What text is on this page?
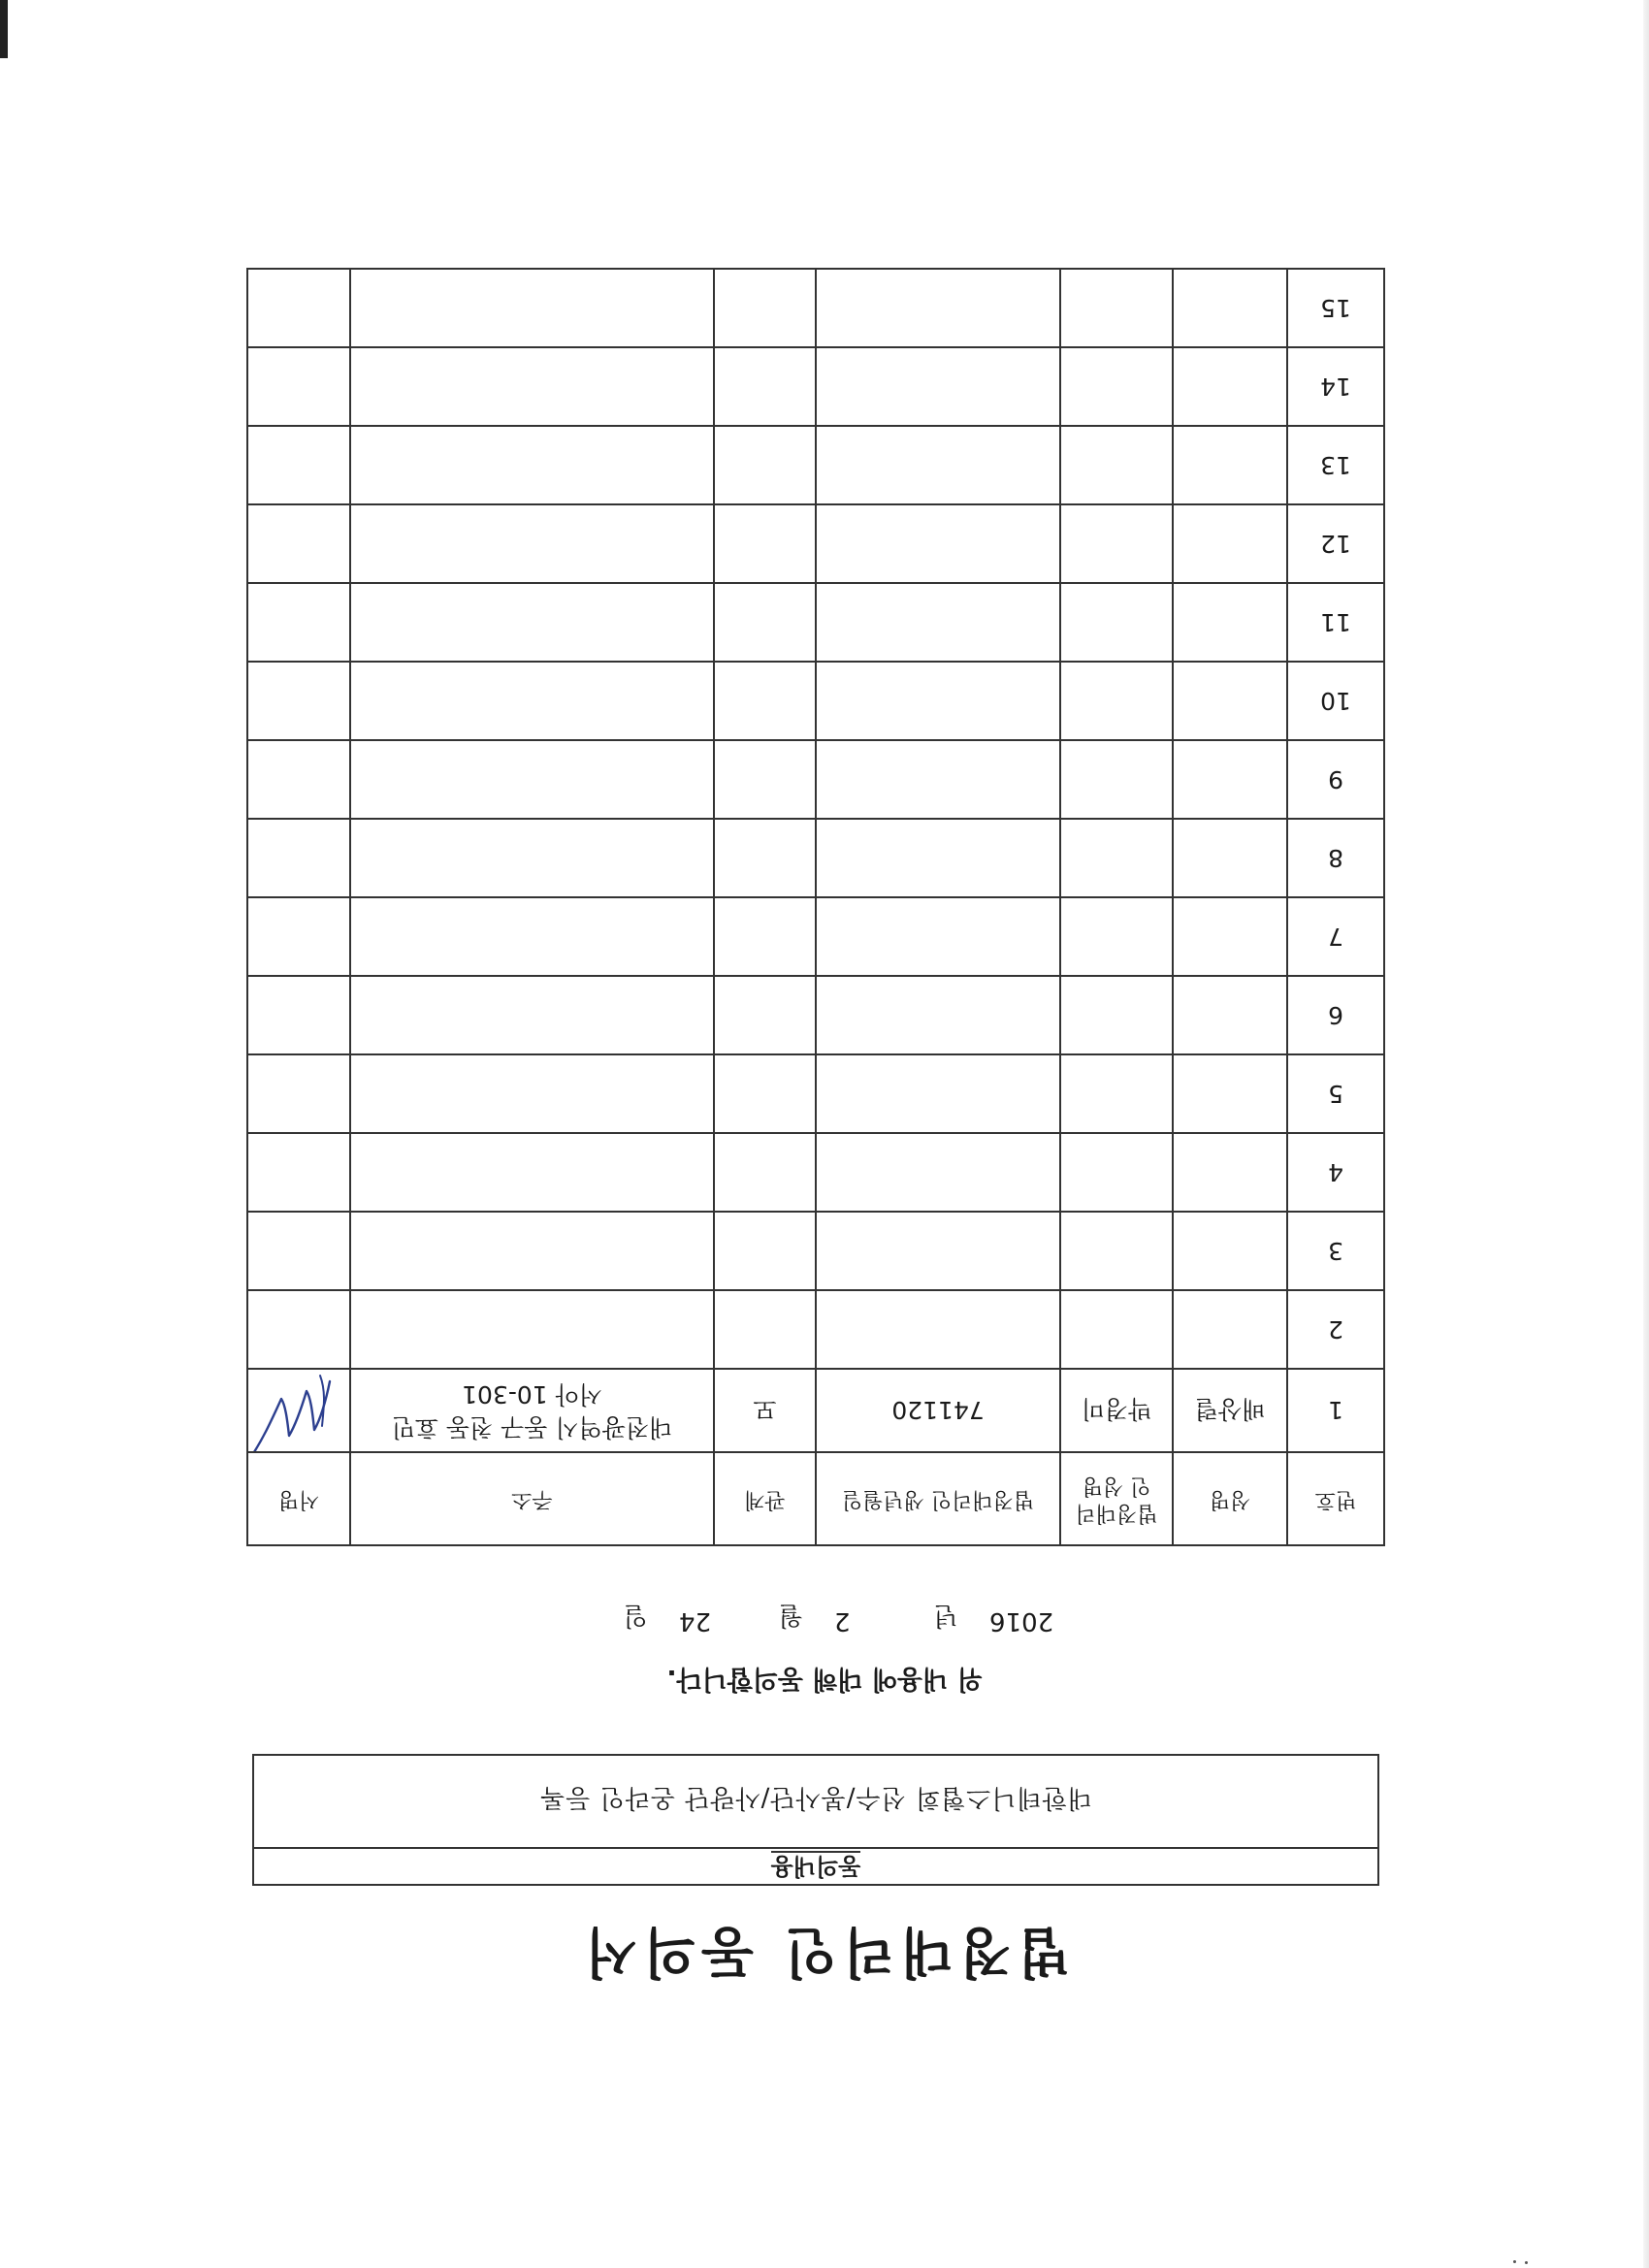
법정대리인 동의서
동의내용
대한테니스협회 선수/봉사단/사랑단 온라인 등록
위 내용에 대해 동의합니다.
2016
년
2
월
24
일
번호	성명	법정대리인 성명	법정대리인 생년월일	관계	주소	서명
1	배상렬	박경미	741120	모	대전광역시 동구 천동 효민
서아 10-301

2						
3						
4						
5						
6						
7						
8						
9						
10						
11						
12						
13						
14						
15						
